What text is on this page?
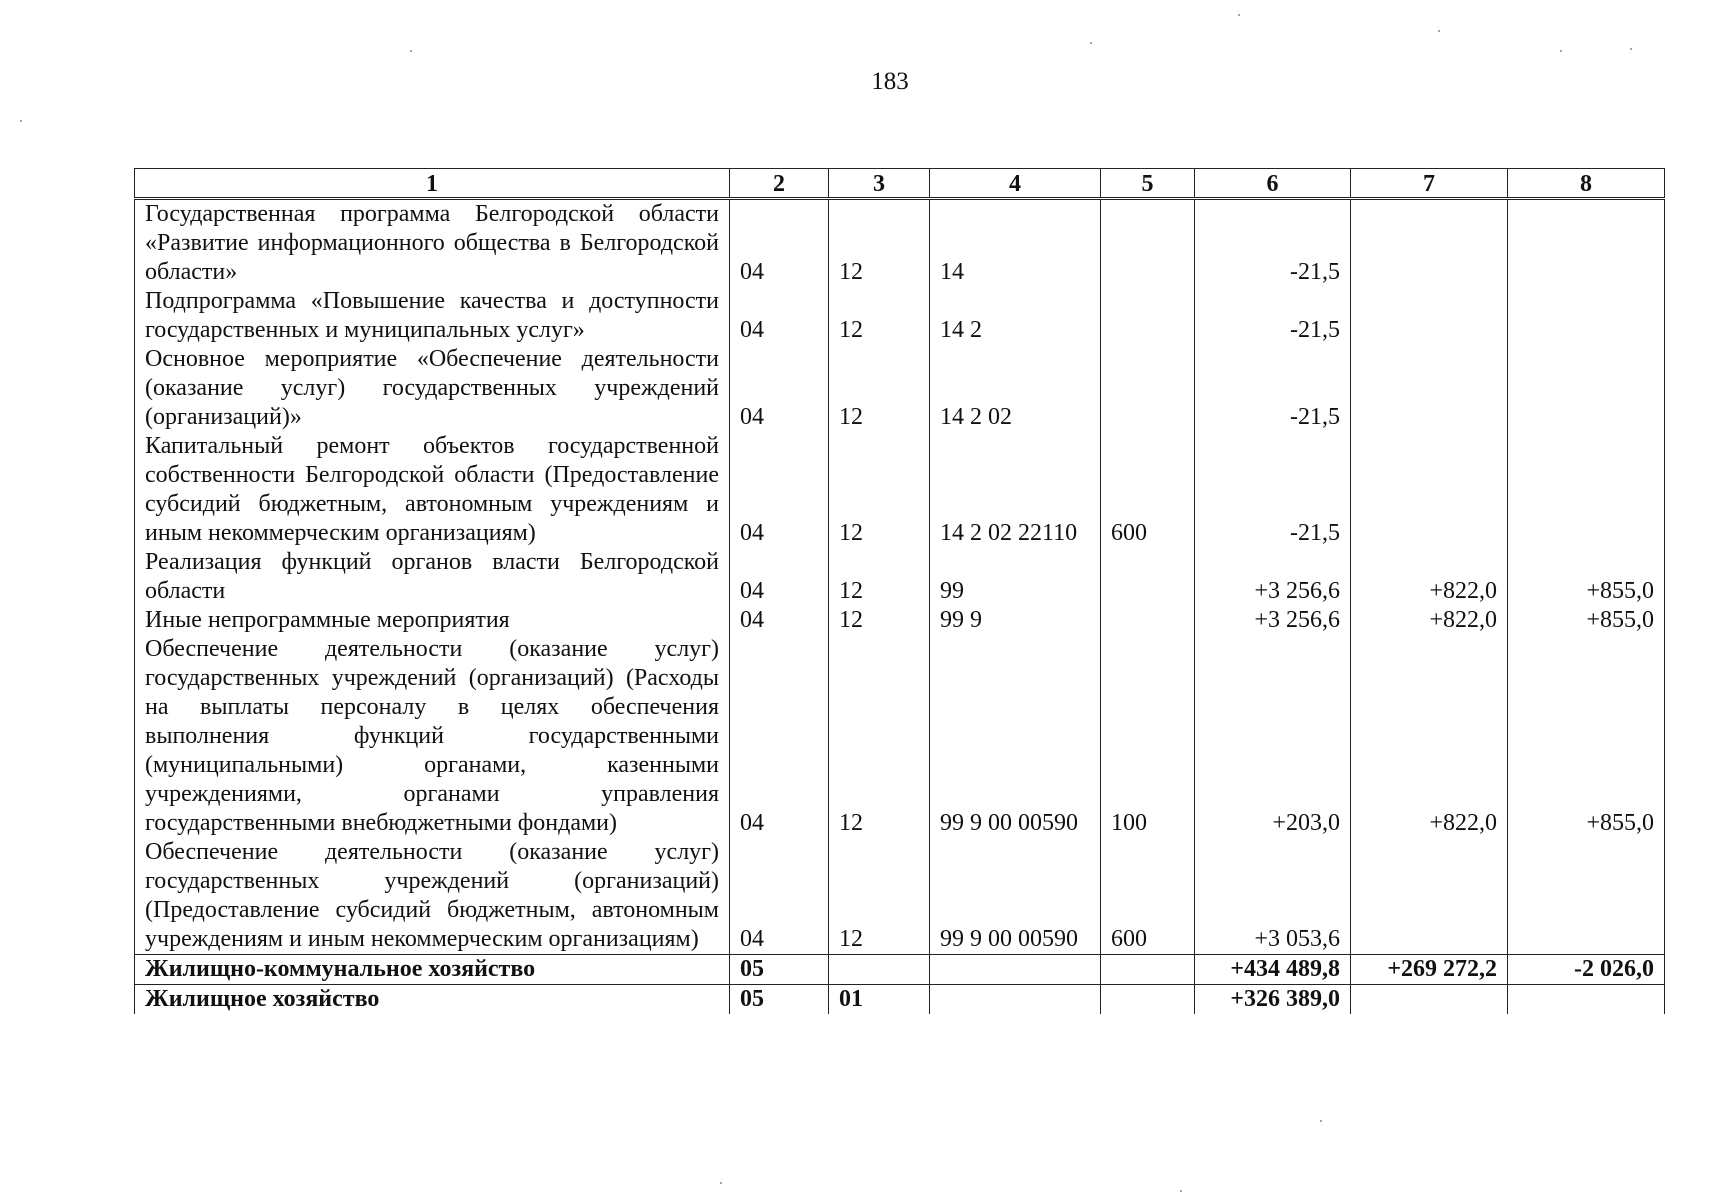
183
1	2	3	4	5	6	7	8
Государственная программа Белгородской области «Развитие информационного общества в Белгородской области»	04	12	14		-21,5		
Подпрограмма «Повышение качества и доступности государственных и муниципальных услуг»	04	12	14 2		-21,5		
Основное мероприятие «Обеспечение деятельности (оказание услуг) государственных учреждений (организаций)»	04	12	14 2 02		-21,5		
Капитальный ремонт объектов государственной собственности Белгородской области (Предоставление субсидий бюджетным, автономным учреждениям и иным некоммерческим организациям)	04	12	14 2 02 22110	600	-21,5		
Реализация функций органов власти Белгородской области	04	12	99		+3 256,6	+822,0	+855,0
Иные непрограммные мероприятия	04	12	99 9		+3 256,6	+822,0	+855,0
Обеспечение деятельности (оказание услуг) государственных учреждений (организаций) (Расходы на выплаты персоналу в целях обеспечения выполнения функций государственными (муниципальными) органами, казенными учреждениями, органами управления государственными внебюджетными фондами)	04	12	99 9 00 00590	100	+203,0	+822,0	+855,0
Обеспечение деятельности (оказание услуг) государственных учреждений (организаций) (Предоставление субсидий бюджетным, автономным учреждениям и иным некоммерческим организациям)	04	12	99 9 00 00590	600	+3 053,6		
Жилищно-коммунальное хозяйство	05				+434 489,8	+269 272,2	-2 026,0
Жилищное хозяйство	05	01			+326 389,0		
